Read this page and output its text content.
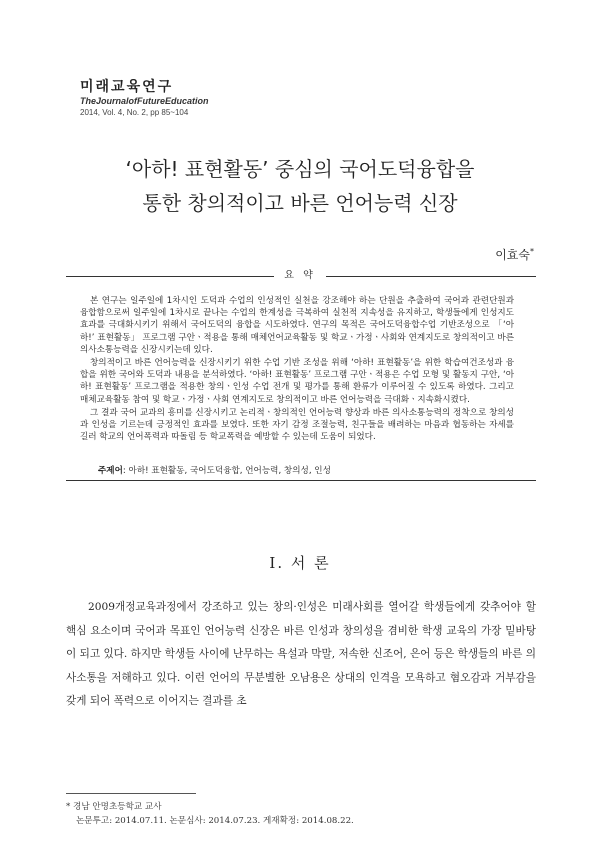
미래교육연구
TheJournalofFutureEducation
2014, Vol. 4, No. 2, pp 85~104
‘아하! 표현활동’ 중심의 국어도덕융합을
통한 창의적이고 바른 언어능력 신장
이효숙*
요 약

본 연구는 일주일에 1차시인 도덕과 수업의 인성적인 실천을 강조해야 하는 단원을 추출하여 국어과 관련단원과 융합함으로써 일주일에 1차시로 끝나는 수업의 한계성을 극복하여 실천적 지속성을 유지하고, 학생들에게 인성지도 효과를 극대화시키기 위해서 국어도덕의 융합을 시도하였다. 연구의 목적은 국어도덕융합수업 기반조성으로 「‘아하!’ 표현활동」 프로그램 구안ㆍ적용을 통해 매체언어교육활동 및 학교ㆍ가정ㆍ사회와 연계지도로 창의적이고 바른 의사소통능력을 신장시키는데 있다.

창의적이고 바른 언어능력을 신장시키기 위한 수업 기반 조성을 위해 ‘아하! 표현활동’을 위한 학습여건조성과 융합을 위한 국어와 도덕과 내용을 분석하였다. ‘아하! 표현활동’ 프로그램 구안ㆍ적용은 수업 모형 및 활동지 구안, ‘아하! 표현활동’ 프로그램을 적용한 창의ㆍ인성 수업 전개 및 평가를 통해 환류가 이루어질 수 있도록 하였다. 그리고 매체교육활동 참여 및 학교ㆍ가정ㆍ사회 연계지도로 창의적이고 바른 언어능력을 극대화ㆍ지속화시켰다.

그 결과 국어 교과의 흥미를 신장시키고 논리적ㆍ창의적인 언어능력 향상과 바른 의사소통능력의 정착으로 창의성과 인성을 기르는데 긍정적인 효과를 보였다. 또한 자기 감정 조절능력, 친구들을 배려하는 마음과 협동하는 자세를 길러 학교의 언어폭력과 따돌림 등 학교폭력을 예방할 수 있는데 도움이 되었다.

주제어: 아하! 표현활동, 국어도덕융합, 언어능력, 창의성, 인성
Ⅰ. 서 론

2009개정교육과정에서 강조하고 있는 창의·인성은 미래사회를 열어갈 학생들에게 갖추어야 할 핵심 요소이며 국어과 목표인 언어능력 신장은 바른 인성과 창의성을 겸비한 학생 교육의 가장 밑바탕이 되고 있다. 하지만 학생들 사이에 난무하는 욕설과 막말, 저속한 신조어, 은어 등은 학생들의 바른 의사소통을 저해하고 있다. 이런 언어의 무분별한 오남용은 상대의 인격을 모욕하고 혐오감과 거부감을 갖게 되어 폭력으로 이어지는 결과를 초

* 경남 안명초등학교 교사
논문투고: 2014.07.11. 논문심사: 2014.07.23. 게재확정: 2014.08.22.
